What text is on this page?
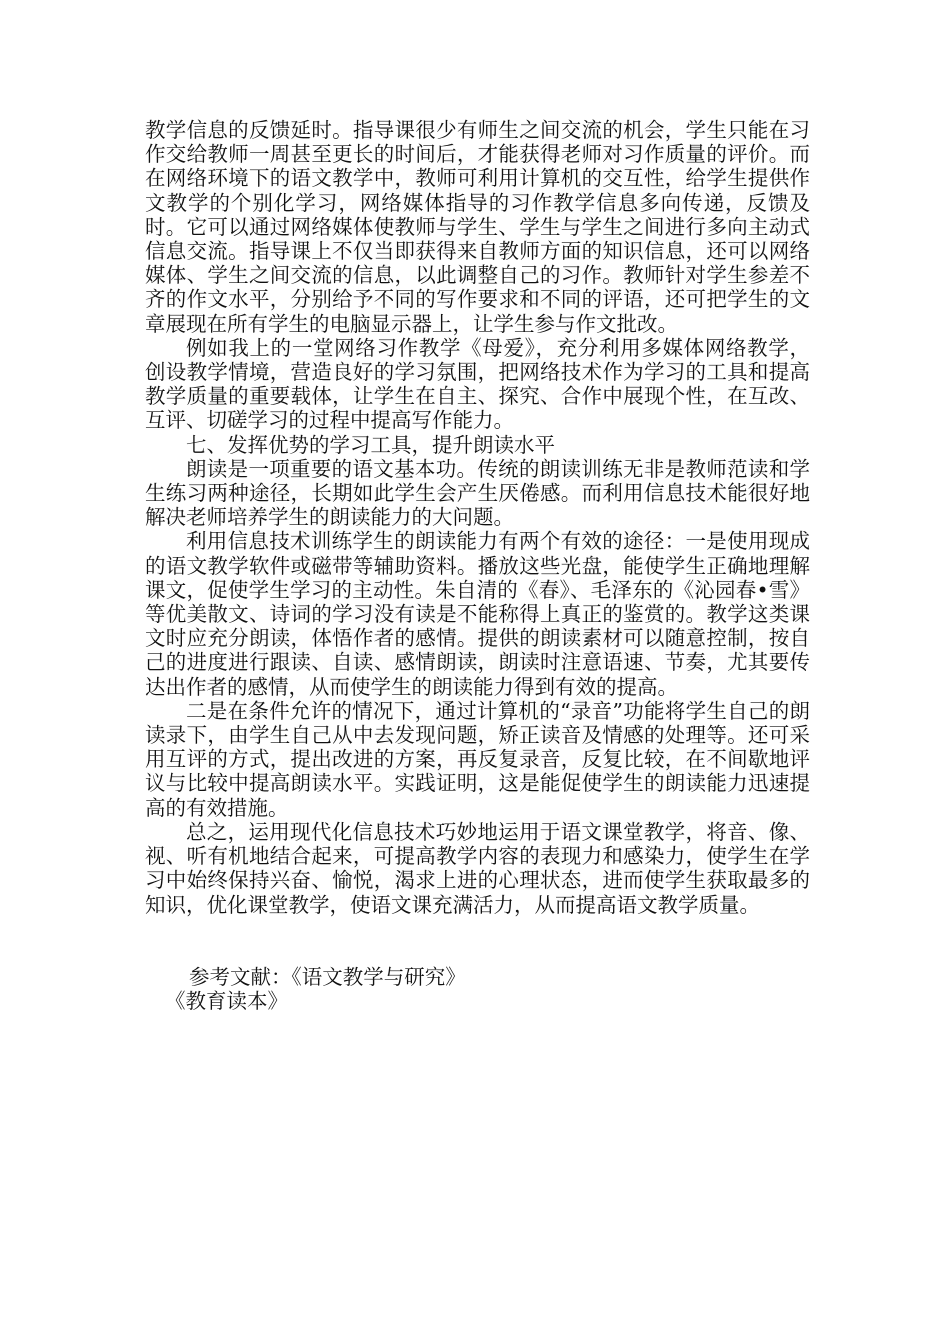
教学信息的反馈延时。指导课很少有师生之间交流的机会，学生只能在习作交给教师一周甚至更长的时间后，才能获得老师对习作质量的评价。而在网络环境下的语文教学中，教师可利用计算机的交互性，给学生提供作文教学的个别化学习，网络媒体指导的习作教学信息多向传递，反馈及时。它可以通过网络媒体使教师与学生、学生与学生之间进行多向主动式信息交流。指导课上不仅当即获得来自教师方面的知识信息，还可以网络媒体、学生之间交流的信息，以此调整自己的习作。教师针对学生参差不齐的作文水平，分别给予不同的写作要求和不同的评语，还可把学生的文章展现在所有学生的电脑显示器上，让学生参与作文批改。

例如我上的一堂网络习作教学《母爱》，充分利用多媒体网络教学，创设教学情境，营造良好的学习氛围，把网络技术作为学习的工具和提高教学质量的重要载体，让学生在自主、探究、合作中展现个性，在互改、互评、切磋学习的过程中提高写作能力。

七、发挥优势的学习工具，提升朗读水平

朗读是一项重要的语文基本功。传统的朗读训练无非是教师范读和学生练习两种途径，长期如此学生会产生厌倦感。而利用信息技术能很好地解决老师培养学生的朗读能力的大问题。

利用信息技术训练学生的朗读能力有两个有效的途径：一是使用现成的语文教学软件或磁带等辅助资料。播放这些光盘，能使学生正确地理解课文，促使学生学习的主动性。朱自清的《春》、毛泽东的《沁园春•雪》等优美散文、诗词的学习没有读是不能称得上真正的鉴赏的。教学这类课文时应充分朗读，体悟作者的感情。提供的朗读素材可以随意控制，按自己的进度进行跟读、自读、感情朗读，朗读时注意语速、节奏，尤其要传达出作者的感情，从而使学生的朗读能力得到有效的提高。

二是在条件允许的情况下，通过计算机的“录音”功能将学生自己的朗读录下，由学生自己从中去发现问题，矫正读音及情感的处理等。还可采用互评的方式，提出改进的方案，再反复录音，反复比较，在不间歇地评议与比较中提高朗读水平。实践证明，这是能促使学生的朗读能力迅速提高的有效措施。

总之，运用现代化信息技术巧妙地运用于语文课堂教学，将音、像、视、听有机地结合起来，可提高教学内容的表现力和感染力，使学生在学习中始终保持兴奋、愉悦，渴求上进的心理状态，进而使学生获取最多的知识，优化课堂教学，使语文课充满活力，从而提高语文教学质量。

参考文献：《语文教学与研究》

《教育读本》
